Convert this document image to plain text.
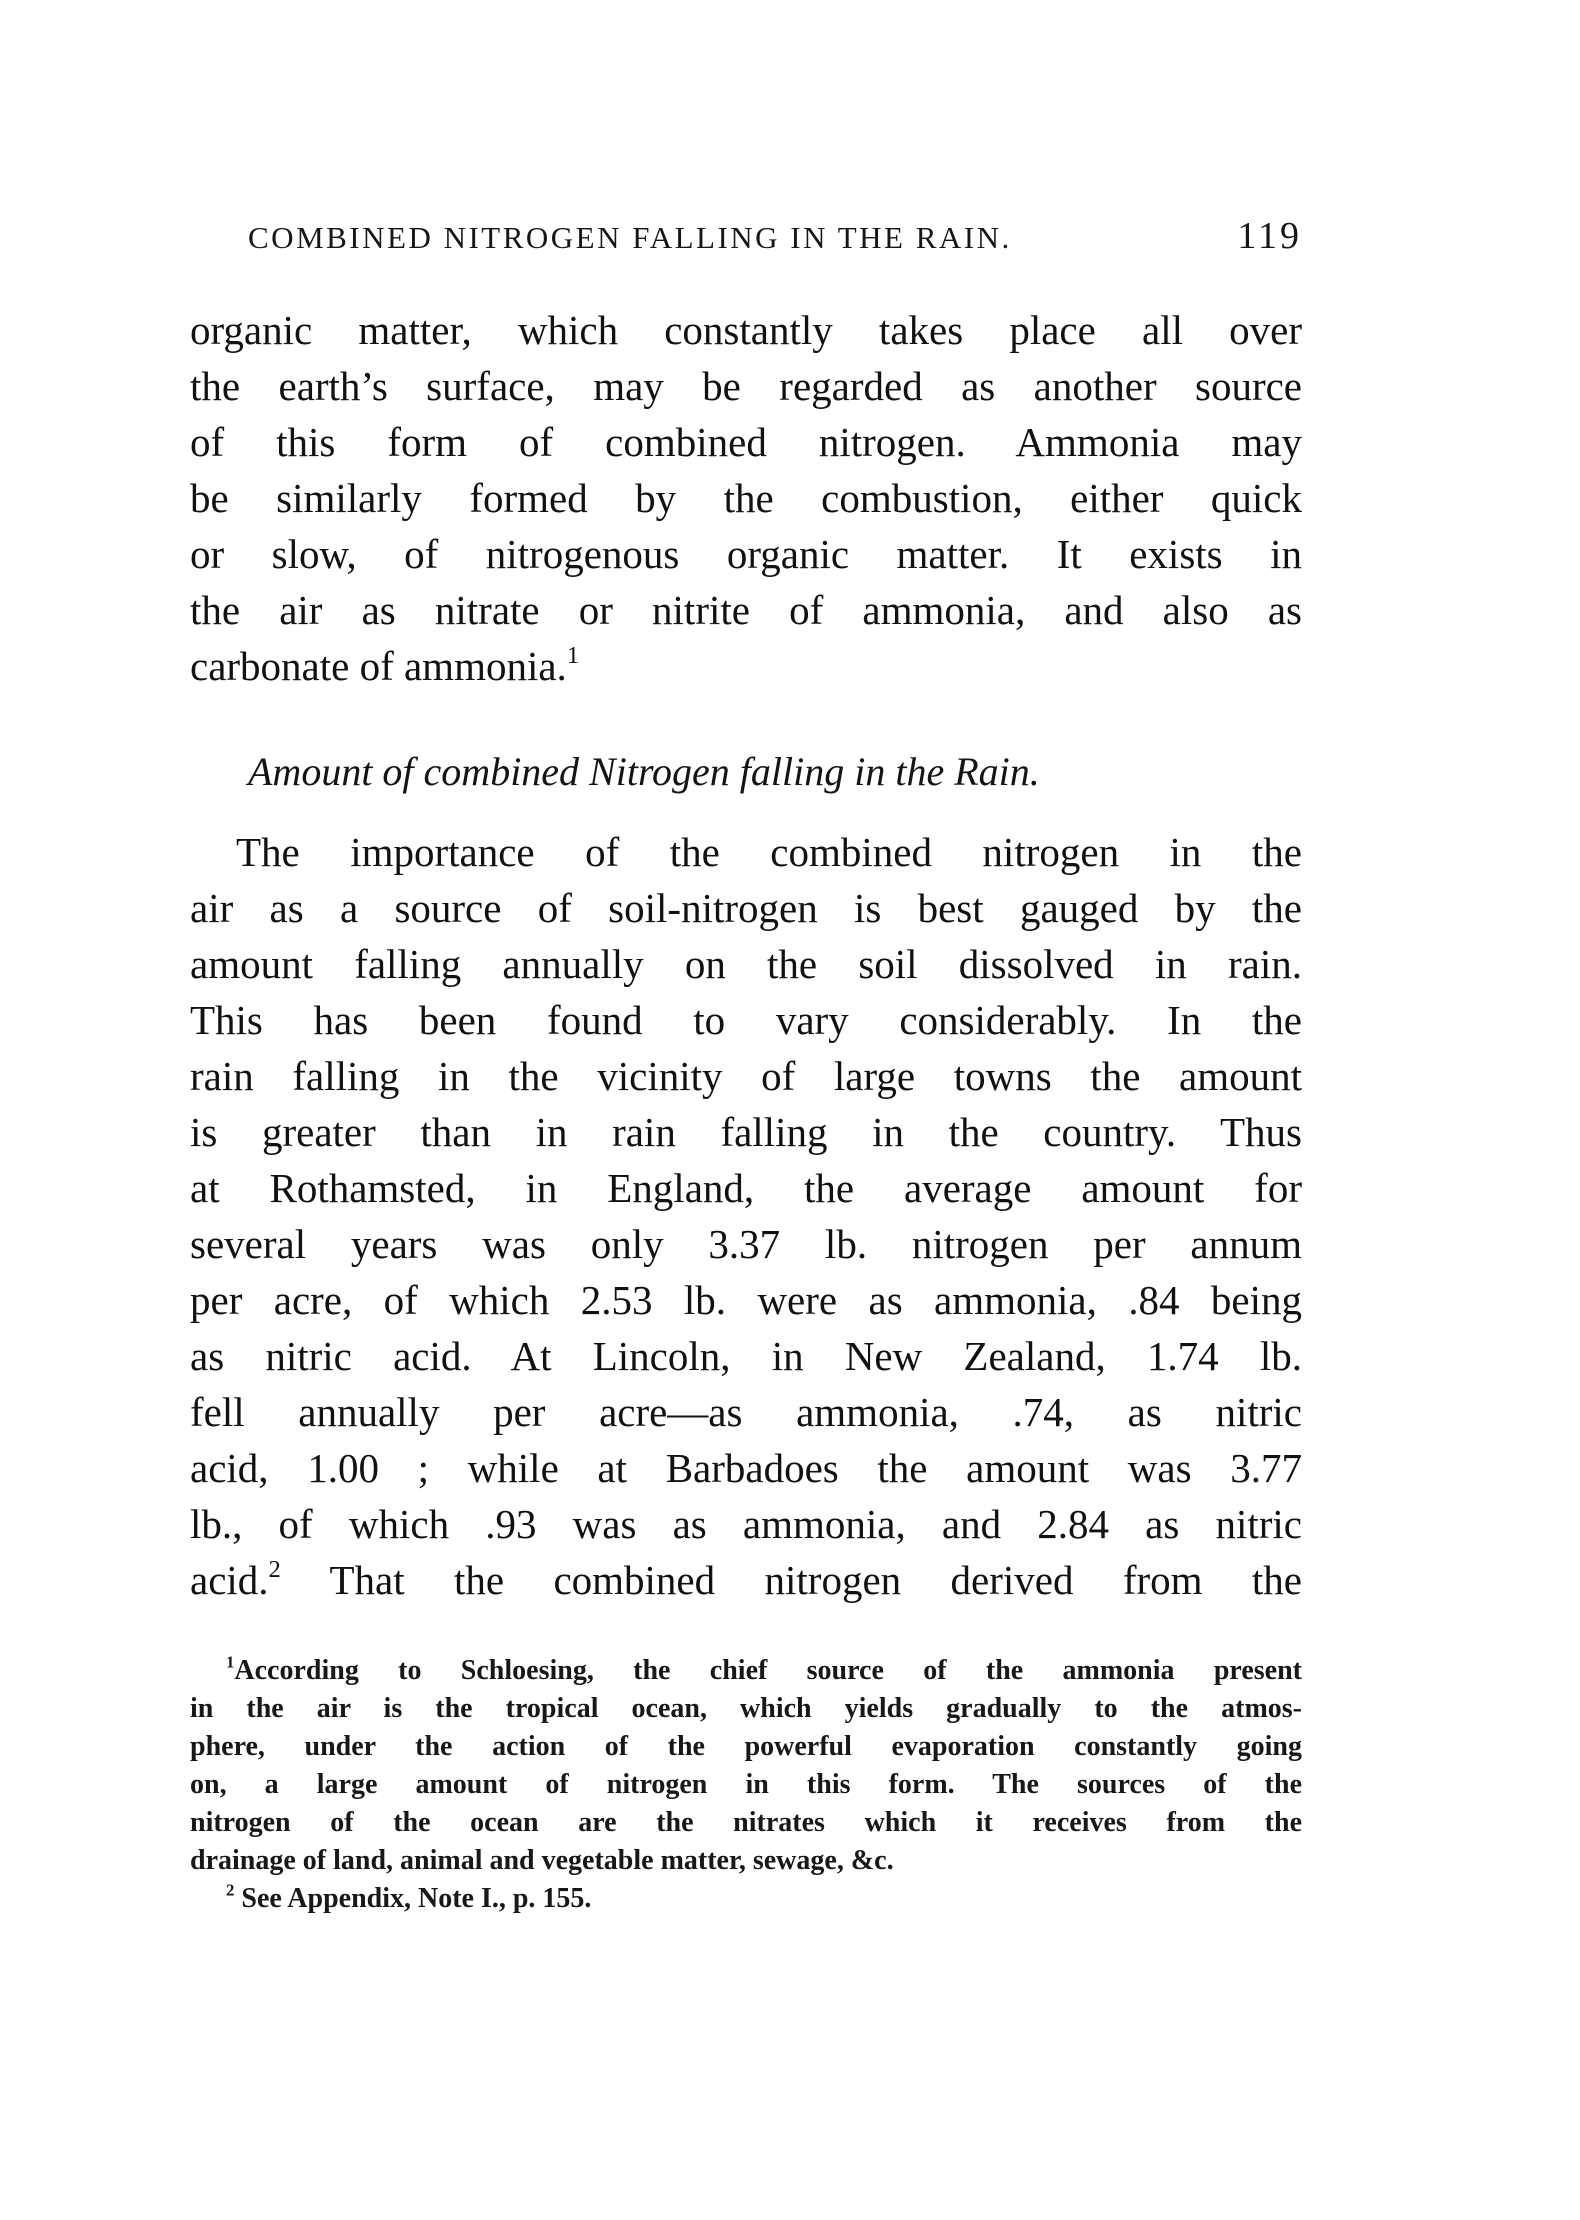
COMBINED NITROGEN FALLING IN THE RAIN.	119
organic matter, which constantly takes place all over
the earth’s surface, may be regarded as another source
of this form of combined nitrogen. Ammonia may
be similarly formed by the combustion, either quick
or slow, of nitrogenous organic matter. It exists in
the air as nitrate or nitrite of ammonia, and also as
carbonate of ammonia.$^1$
Amount of combined Nitrogen falling in the Rain.
The importance of the combined nitrogen in the
air as a source of soil-nitrogen is best gauged by the
amount falling annually on the soil dissolved in rain.
This has been found to vary considerably. In the
rain falling in the vicinity of large towns the amount
is greater than in rain falling in the country. Thus
at Rothamsted, in England, the average amount for
several years was only 3.37 lb. nitrogen per annum
per acre, of which 2.53 lb. were as ammonia, .84 being
as nitric acid. At Lincoln, in New Zealand, 1.74 lb.
fell annually per acre—as ammonia, .74, as nitric
acid, 1.00 ; while at Barbadoes the amount was 3.77
lb., of which .93 was as ammonia, and 2.84 as nitric
acid.$^2$ That the combined nitrogen derived from the
$^1$According to Schloesing, the chief source of the ammonia present
in the air is the tropical ocean, which yields gradually to the atmos-
phere, under the action of the powerful evaporation constantly going
on, a large amount of nitrogen in this form. The sources of the
nitrogen of the ocean are the nitrates which it receives from the
drainage of land, animal and vegetable matter, sewage, &c.
$^2$ See Appendix, Note I., p. 155.
